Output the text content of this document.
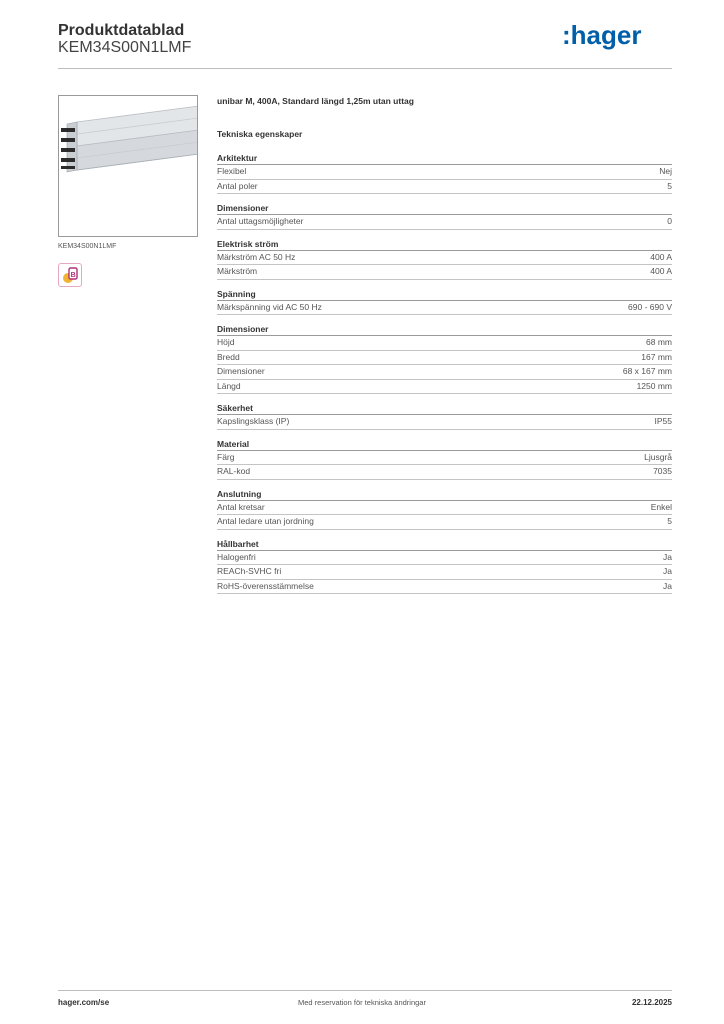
Produktdatablad
KEM34S00N1LMF	:hager
KEM34S00N1LMF
B
unibar M, 400A, Standard längd 1,25m utan uttag
Tekniska egenskaper
Arkitektur
Flexibel	Nej
Antal poler	5
Dimensioner
Antal uttagsmöjligheter	0
Elektrisk ström
Märkström AC 50 Hz	400 A
Märkström	400 A
Spänning
Märkspänning vid AC 50 Hz	690 - 690 V
Dimensioner
Höjd	68 mm
Bredd	167 mm
Dimensioner	68 x 167 mm
Längd	1250 mm
Säkerhet
Kapslingsklass (IP)	IP55
Material
Färg	Ljusgrå
RAL-kod	7035
Anslutning
Antal kretsar	Enkel
Antal ledare utan jordning	5
Hållbarhet
Halogenfri	Ja
REACh-SVHC fri	Ja
RoHS-överensstämmelse	Ja
hager.com/se	Med reservation för tekniska ändringar	22.12.2025
